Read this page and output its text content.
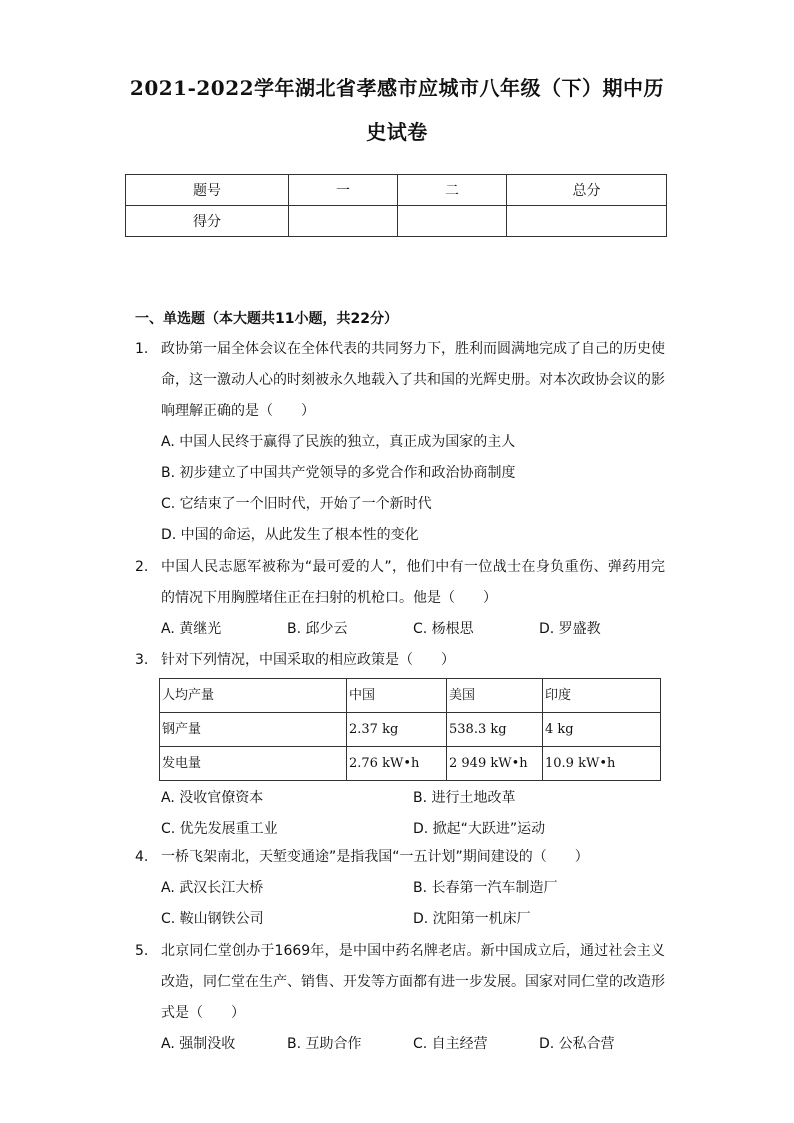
2021-2022学年湖北省孝感市应城市八年级（下）期中历
史试卷
题号	一	二	总分
得分			
一、单选题（本大题共11小题，共22分）
1. 政协第一届全体会议在全体代表的共同努力下，胜利而圆满地完成了自己的历史使命，这一激动人心的时刻被永久地载入了共和国的光辉史册。对本次政协会议的影响理解正确的是（　　）
A. 中国人民终于赢得了民族的独立，真正成为国家的主人
B. 初步建立了中国共产党领导的多党合作和政治协商制度
C. 它结束了一个旧时代，开始了一个新时代
D. 中国的命运，从此发生了根本性的变化
2. 中国人民志愿军被称为“最可爱的人”，他们中有一位战士在身负重伤、弹药用完的情况下用胸膛堵住正在扫射的机枪口。他是（　　）
A. 黄继光	B. 邱少云	C. 杨根思	D. 罗盛教
3. 针对下列情况，中国采取的相应政策是（　　）
人均产量	中国	美国	印度
钢产量	2.37 kg	538.3 kg	4 kg
发电量	2.76 kW•h	2 949 kW•h	10.9 kW•h
A. 没收官僚资本	B. 进行土地改革
C. 优先发展重工业	D. 掀起“大跃进”运动
4. 一桥飞架南北，天堑变通途”是指我国“一五计划”期间建设的（　　）
A. 武汉长江大桥	B. 长春第一汽车制造厂
C. 鞍山钢铁公司	D. 沈阳第一机床厂
5. 北京同仁堂创办于1669年，是中国中药名牌老店。新中国成立后，通过社会主义改造，同仁堂在生产、销售、开发等方面都有进一步发展。国家对同仁堂的改造形式是（　　）
A. 强制没收	B. 互助合作	C. 自主经营	D. 公私合营
